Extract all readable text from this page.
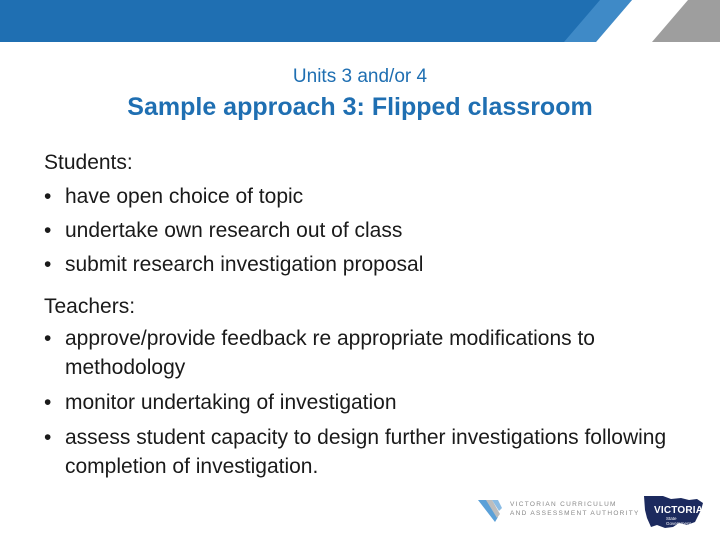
Units 3 and/or 4
Sample approach 3: Flipped classroom

Students:

• have open choice of topic
• undertake own research out of class
• submit research investigation proposal

Teachers:

• approve/provide feedback re appropriate modifications to methodology
• monitor undertaking of investigation
• assess student capacity to design further investigations following completion of investigation.
VICTORIAN CURRICULUM
AND ASSESSMENT AUTHORITY VICTORIA
State
Government
